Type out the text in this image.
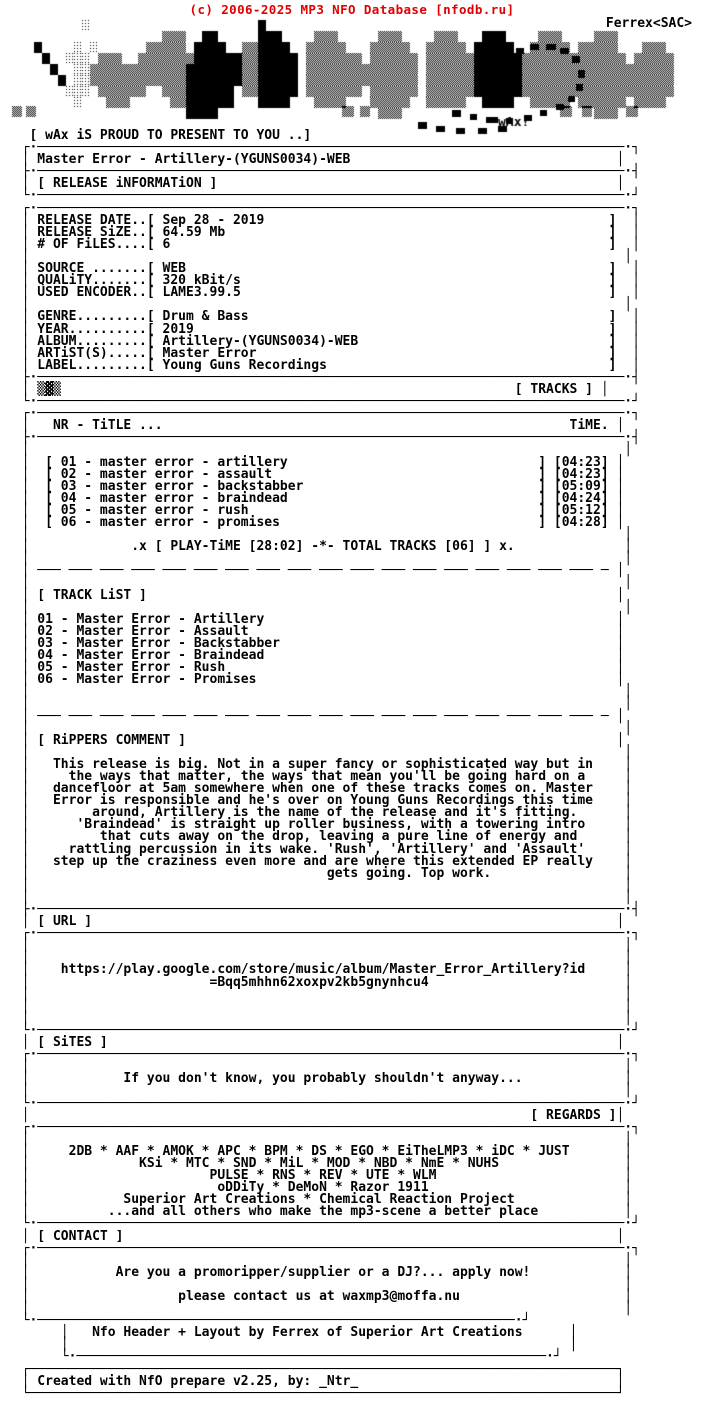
(c) 2006-2025 MP3 NFO Database [nfodb.ru]
Ferrex<SAC>
[ wAx iS PROUD TO PRESENT TO YOU ..]
┌·───────────────────────────────────────────────────────────────────────────·┐
│ Master Error - Artillery-(YGUNS0034)-WEB                                  │
├·───────────────────────────────────────────────────────────────────────────·┤
│ [ RELEASE iNFORMATiON ]                                                   │
└·───────────────────────────────────────────────────────────────────────────·┘
┌·───────────────────────────────────────────────────────────────────────────·┐
│ RELEASE DATE..[ Sep 28 - 2019                                            ]  │
│ RELEASE SiZE..[ 64.59 Mb                                                 ]  │
│ # OF FiLES....[ 6                                                        ]  │
│                                                                            │
│ SOURCE .......[ WEB                                                      ]  │
│ QUALiTY.......[ 320 kBit/s                                               ]  │
│ USED ENCODER..[ LAME3.99.5                                               ]  │
│                                                                            │
│ GENRE.........[ Drum & Bass                                              ]  │
│ YEAR..........[ 2019                                                     ]  │
│ ALBUM.........[ Artillery-(YGUNS0034)-WEB                                ]  │
│ ARTiST(S).....[ Master Error                                             ]  │
│ LABEL.........[ Young Guns Recordings                                    ]  │
├·───────────────────────────────────────────────────────────────────────────·┤
│ ▒▓▒                                                          [ TRACKS ] │
└·───────────────────────────────────────────────────────────────────────────·┘
┌·───────────────────────────────────────────────────────────────────────────·┐
│   NR - TiTLE ...                                                    TiME. │
├·───────────────────────────────────────────────────────────────────────────·┤
│                                                                            │
│  [ 01 - master error - artillery                                ] [04:23] │
│  [ 02 - master error - assault                                  ] [04:23] │
│  [ 03 - master error - backstabber                              ] [05:09] │
│  [ 04 - master error - braindead                                ] [04:24] │
│  [ 05 - master error - rush                                     ] [05:12] │
│  [ 06 - master error - promises                                 ] [04:28] │
│                                                                            │
│             .x [ PLAY-TiME [28:02] -*- TOTAL TRACKS [06] ] x.              │
│                                                                            │
│ ─── ─── ─── ─── ─── ─── ─── ─── ─── ─── ─── ─── ─── ─── ─── ─── ─── ─── ─ │
│                                                                            │
│ [ TRACK LiST ]                                                            │
│                                                                            │
│ 01 - Master Error - Artillery                                             │
│ 02 - Master Error - Assault                                               │
│ 03 - Master Error - Backstabber                                           │
│ 04 - Master Error - Braindead                                             │
│ 05 - Master Error - Rush                                                  │
│ 06 - Master Error - Promises                                              │
│                                                                            │
│                                                                            │
│ ─── ─── ─── ─── ─── ─── ─── ─── ─── ─── ─── ─── ─── ─── ─── ─── ─── ─── ─ │
│                                                                            │
│ [ RiPPERS COMMENT ]                                                       │
│                                                                            │
│   This release is big. Not in a super fancy or sophisticated way but in    │
│     the ways that matter, the ways that mean you'll be going hard on a     │
│   dancefloor at 5am somewhere when one of these tracks comes on. Master    │
│   Error is responsible and he's over on Young Guns Recordings this time    │
│        around, Artillery is the name of the release and it's fitting.      │
│      'Braindead' is straight up roller business, with a towering intro     │
│         that cuts away on the drop, leaving a pure line of energy and      │
│     rattling percussion in its wake. 'Rush', 'Artillery' and 'Assault'     │
│   step up the craziness even more and are where this extended EP really    │
│                                      gets going. Top work.                 │
│                                                                            │
│                                                                            │
├·───────────────────────────────────────────────────────────────────────────·┤
│ [ URL ]                                                                   │
┌·───────────────────────────────────────────────────────────────────────────·┐
│                                                                            │
│                                                                            │
│    https://play.google.com/store/music/album/Master_Error_Artillery?id     │
│                       =Bqq5mhhn62xoxpv2kb5gnynhcu4                         │
│                                                                            │
│                                                                            │
│                                                                            │
└·───────────────────────────────────────────────────────────────────────────·┘
│ [ SiTES ]                                                                 │
┌·───────────────────────────────────────────────────────────────────────────·┐
│                                                                            │
│            If you don't know, you probably shouldn't anyway...             │
│                                                                            │
└·───────────────────────────────────────────────────────────────────────────·┘
│                                                                [ REGARDS ]│
┌·───────────────────────────────────────────────────────────────────────────·┐
│                                                                            │
│     2DB * AAF * AMOK * APC * BPM * DS * EGO * EiTheLMP3 * iDC * JUST       │
│              KSi * MTC * SND * MiL * MOD * NBD * NmE * NUHS                │
│                       PULSE * RNS * REV * UTE * WLM                        │
│                        oDDiTy * DeMoN * Razor 1911                         │
│            Superior Art Creations * Chemical Reaction Project              │
│          ...and all others who make the mp3-scene a better place           │
└·───────────────────────────────────────────────────────────────────────────·┘
│ [ CONTACT ]                                                               │
┌·───────────────────────────────────────────────────────────────────────────·┐
│                                                                            │
│           Are you a promoripper/supplier or a DJ?... apply now!            │
│                                                                            │
│                   please contact us at waxmp3@moffa.nu                     │
│                                                                            │
└·─────────────────────────────────────────────────────────────·┘
│   Nfo Header + Layout by Ferrex of Superior Art Creations      │
│                                                                │
└·────────────────────────────────────────────────────────────·┘
┌───────────────────────────────────────────────────────────────────────────┐
│ Created with NfO prepare v2.25, by: _Ntr_                                 │
└───────────────────────────────────────────────────────────────────────────┘
